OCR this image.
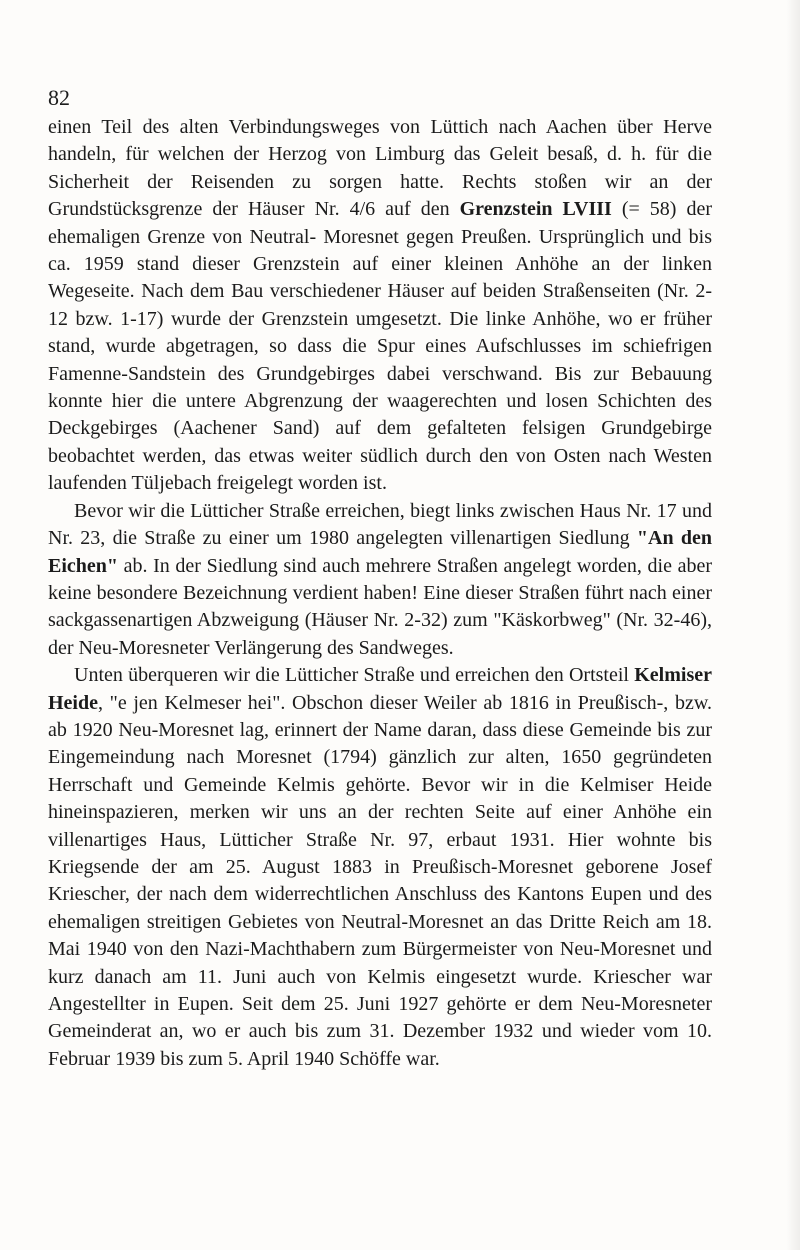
82

einen Teil des alten Verbindungsweges von Lüttich nach Aachen über Herve handeln, für welchen der Herzog von Limburg das Geleit besaß, d. h. für die Sicherheit der Reisenden zu sorgen hatte. Rechts stoßen wir an der Grundstücksgrenze der Häuser Nr. 4/6 auf den Grenzstein LVIII (= 58) der ehemaligen Grenze von Neutral- Moresnet gegen Preußen. Ursprünglich und bis ca. 1959 stand dieser Grenzstein auf einer kleinen Anhöhe an der linken Wegeseite. Nach dem Bau verschiedener Häuser auf beiden Straßenseiten (Nr. 2-12 bzw. 1-17) wurde der Grenzstein umgesetzt. Die linke Anhöhe, wo er früher stand, wurde abgetragen, so dass die Spur eines Aufschlusses im schiefrigen Famenne-Sandstein des Grundgebirges dabei verschwand. Bis zur Bebauung konnte hier die untere Abgrenzung der waagerechten und losen Schichten des Deckgebirges (Aachener Sand) auf dem gefalteten felsigen Grundgebirge beobachtet werden, das etwas weiter südlich durch den von Osten nach Westen laufenden Tüljebach freigelegt worden ist.

Bevor wir die Lütticher Straße erreichen, biegt links zwischen Haus Nr. 17 und Nr. 23, die Straße zu einer um 1980 angelegten villenartigen Siedlung "An den Eichen" ab. In der Siedlung sind auch mehrere Straßen angelegt worden, die aber keine besondere Bezeichnung verdient haben! Eine dieser Straßen führt nach einer sackgassenartigen Abzweigung (Häuser Nr. 2-32) zum "Käskorbweg" (Nr. 32-46), der Neu-Moresneter Verlängerung des Sandweges.

Unten überqueren wir die Lütticher Straße und erreichen den Ortsteil Kelmiser Heide, "e jen Kelmeser hei". Obschon dieser Weiler ab 1816 in Preußisch-, bzw. ab 1920 Neu-Moresnet lag, erinnert der Name daran, dass diese Gemeinde bis zur Eingemeindung nach Moresnet (1794) gänzlich zur alten, 1650 gegründeten Herrschaft und Gemeinde Kelmis gehörte. Bevor wir in die Kelmiser Heide hineinspazieren, merken wir uns an der rechten Seite auf einer Anhöhe ein villenartiges Haus, Lütticher Straße Nr. 97, erbaut 1931. Hier wohnte bis Kriegsende der am 25. August 1883 in Preußisch-Moresnet geborene Josef Kriescher, der nach dem widerrechtlichen Anschluss des Kantons Eupen und des ehemaligen streitigen Gebietes von Neutral-Moresnet an das Dritte Reich am 18. Mai 1940 von den Nazi-Machthabern zum Bürgermeister von Neu-Moresnet und kurz danach am 11. Juni auch von Kelmis eingesetzt wurde. Kriescher war Angestellter in Eupen. Seit dem 25. Juni 1927 gehörte er dem Neu-Moresneter Gemeinderat an, wo er auch bis zum 31. Dezember 1932 und wieder vom 10. Februar 1939 bis zum 5. April 1940 Schöffe war.
